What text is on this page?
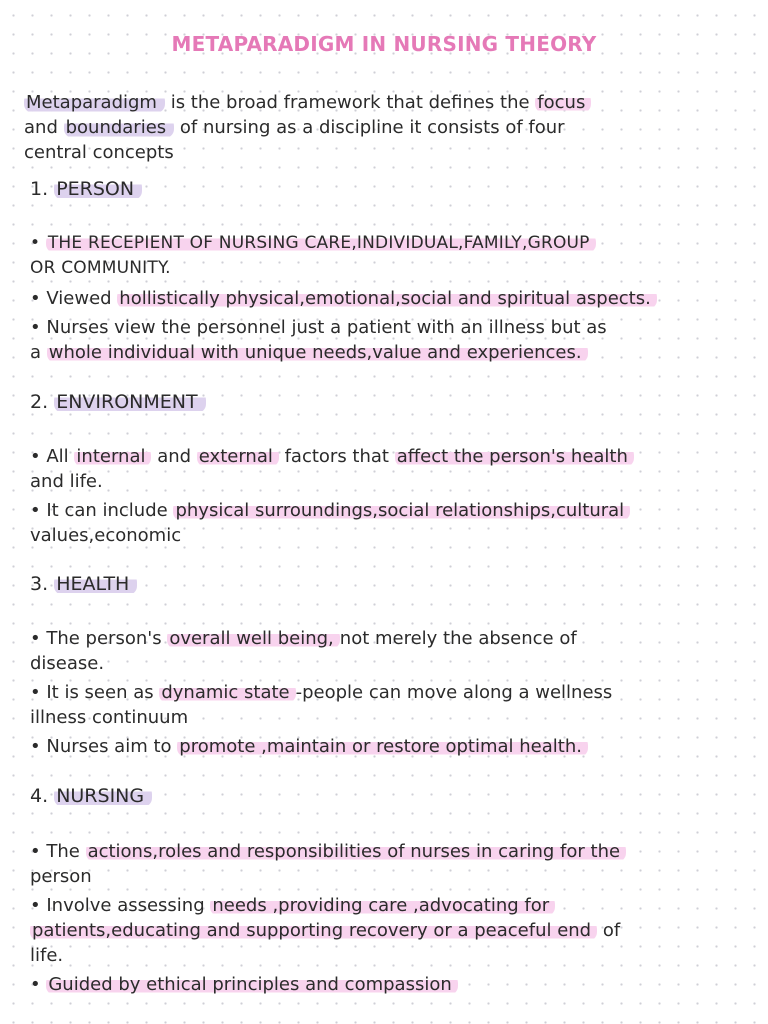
METAPARADIGM IN NURSING THEORY
Metaparadigm is the broad framework that defines the focus
and boundaries of nursing as a discipline it consists of four
central concepts
1. PERSON
• THE RECEPIENT OF NURSING CARE,INDIVIDUAL,FAMILY,GROUP
OR COMMUNITY.
• Viewed hollistically physical,emotional,social and spiritual aspects.
• Nurses view the personnel just a patient with an illness but as
a whole individual with unique needs,value and experiences.
2. ENVIRONMENT
• All internal and external factors that affect the person's health
and life.
• It can include physical surroundings,social relationships,cultural
values,economic
3. HEALTH
• The person's overall well being, not merely the absence of
disease.
• It is seen as dynamic state -people can move along a wellness
illness continuum
• Nurses aim to promote ,maintain or restore optimal health.
4. NURSING
• The actions,roles and responsibilities of nurses in caring for the
person
• Involve assessing needs ,providing care ,advocating for
patients,educating and supporting recovery or a peaceful end of
life.
• Guided by ethical principles and compassion
